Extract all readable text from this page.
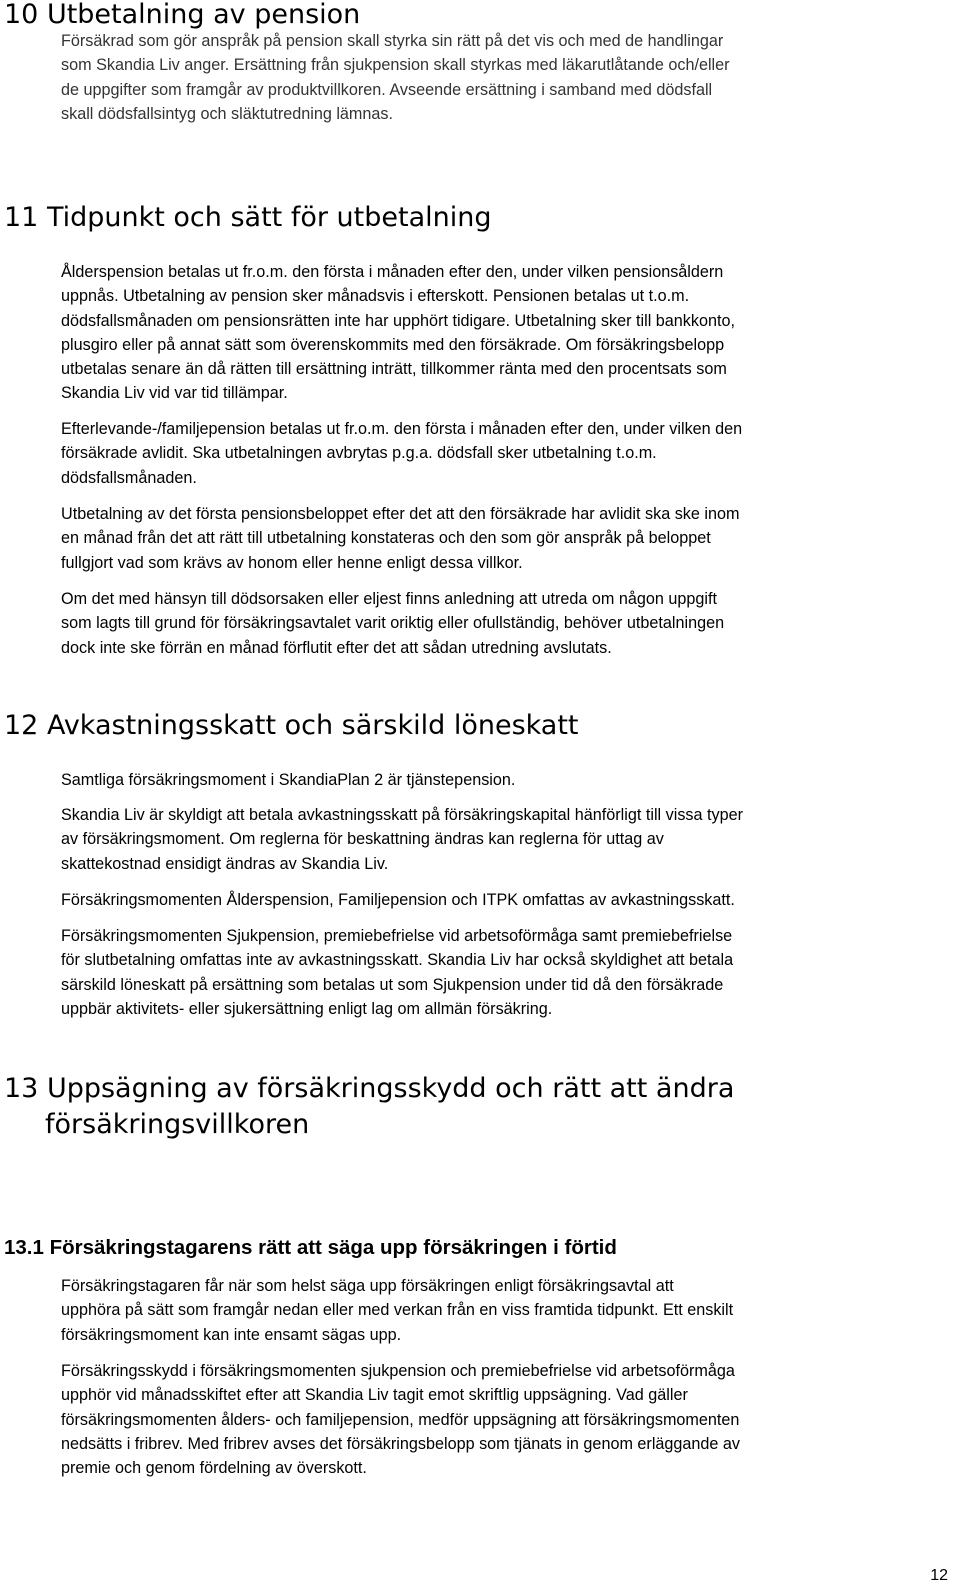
10 Utbetalning av pension
Försäkrad som gör anspråk på pension skall styrka sin rätt på det vis och med de handlingar
som Skandia Liv anger. Ersättning från sjukpension skall styrkas med läkarutlåtande och/eller
de uppgifter som framgår av produktvillkoren. Avseende ersättning i samband med dödsfall
skall dödsfallsintyg och släktutredning lämnas.
11 Tidpunkt och sätt för utbetalning
Ålderspension betalas ut fr.o.m. den första i månaden efter den, under vilken pensionsåldern
uppnås. Utbetalning av pension sker månadsvis i efterskott. Pensionen betalas ut t.o.m.
dödsfallsmånaden om pensionsrätten inte har upphört tidigare. Utbetalning sker till bankkonto,
plusgiro eller på annat sätt som överenskommits med den försäkrade. Om försäkringsbelopp
utbetalas senare än då rätten till ersättning inträtt, tillkommer ränta med den procentsats som
Skandia Liv vid var tid tillämpar.
Efterlevande-/familjepension betalas ut fr.o.m. den första i månaden efter den, under vilken den
försäkrade avlidit. Ska utbetalningen avbrytas p.g.a. dödsfall sker utbetalning t.o.m.
dödsfallsmånaden.
Utbetalning av det första pensionsbeloppet efter det att den försäkrade har avlidit ska ske inom
en månad från det att rätt till utbetalning konstateras och den som gör anspråk på beloppet
fullgjort vad som krävs av honom eller henne enligt dessa villkor.
Om det med hänsyn till dödsorsaken eller eljest finns anledning att utreda om någon uppgift
som lagts till grund för försäkringsavtalet varit oriktig eller ofullständig, behöver utbetalningen
dock inte ske förrän en månad förflutit efter det att sådan utredning avslutats.
12 Avkastningsskatt och särskild löneskatt
Samtliga försäkringsmoment i SkandiaPlan 2 är tjänstepension.
Skandia Liv är skyldigt att betala avkastningsskatt på försäkringskapital hänförligt till vissa typer
av försäkringsmoment. Om reglerna för beskattning ändras kan reglerna för uttag av
skattekostnad ensidigt ändras av Skandia Liv.
Försäkringsmomenten Ålderspension, Familjepension och ITPK omfattas av avkastningsskatt.
Försäkringsmomenten Sjukpension, premiebefrielse vid arbetsoförmåga samt premiebefrielse
för slutbetalning omfattas inte av avkastningsskatt. Skandia Liv har också skyldighet att betala
särskild löneskatt på ersättning som betalas ut som Sjukpension under tid då den försäkrade
uppbär aktivitets- eller sjukersättning enligt lag om allmän försäkring.
13 Uppsägning av försäkringsskydd och rätt att ändra
försäkringsvillkoren
13.1 Försäkringstagarens rätt att säga upp försäkringen i förtid
Försäkringstagaren får när som helst säga upp försäkringen enligt försäkringsavtal att
upphöra på sätt som framgår nedan eller med verkan från en viss framtida tidpunkt. Ett enskilt
försäkringsmoment kan inte ensamt sägas upp.
Försäkringsskydd i försäkringsmomenten sjukpension och premiebefrielse vid arbetsoförmåga
upphör vid månadsskiftet efter att Skandia Liv tagit emot skriftlig uppsägning. Vad gäller
försäkringsmomenten ålders- och familjepension, medför uppsägning att försäkringsmomenten
nedsätts i fribrev. Med fribrev avses det försäkringsbelopp som tjänats in genom erläggande av
premie och genom fördelning av överskott.
12
